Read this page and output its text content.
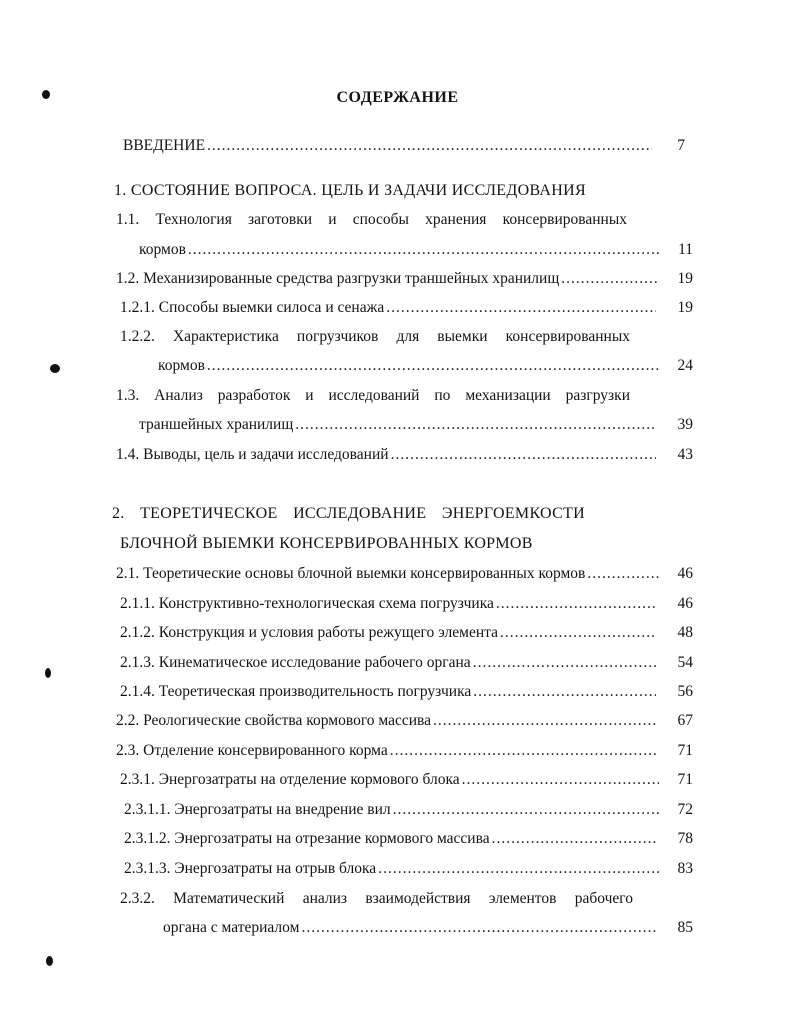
СОДЕРЖАНИЕ
ВВЕДЕНИЕ .....	7
1. СОСТОЯНИЕ ВОПРОСА. ЦЕЛЬ И ЗАДАЧИ ИССЛЕДОВАНИЯ
1.1. Технология заготовки и способы хранения консервированных
кормов .....	11
1.2. Механизированные средства разгрузки траншейных хранилищ .....	19
1.2.1. Способы выемки силоса и сенажа .....	19
1.2.2. Характеристика погрузчиков для выемки консервированных
кормов .....	24
1.3. Анализ разработок и исследований по механизации разгрузки
траншейных хранилищ .....	39
1.4. Выводы, цель и задачи исследований .....	43
2. ТЕОРЕТИЧЕСКОЕ ИССЛЕДОВАНИЕ ЭНЕРГОЕМКОСТИ
БЛОЧНОЙ ВЫЕМКИ КОНСЕРВИРОВАННЫХ КОРМОВ
2.1. Теоретические основы блочной выемки консервированных кормов .....	46
2.1.1. Конструктивно-технологическая схема погрузчика .....	46
2.1.2. Конструкция и условия работы режущего элемента .....	48
2.1.3. Кинематическое исследование рабочего органа .....	54
2.1.4. Теоретическая производительность погрузчика .....	56
2.2. Реологические свойства кормового массива .....	67
2.3. Отделение консервированного корма .....	71
2.3.1. Энергозатраты на отделение кормового блока .....	71
2.3.1.1. Энергозатраты на внедрение вил .....	72
2.3.1.2. Энергозатраты на отрезание кормового массива .....	78
2.3.1.3. Энергозатраты на отрыв блока .....	83
2.3.2. Математический анализ взаимодействия элементов рабочего
органа с материалом .....	85
